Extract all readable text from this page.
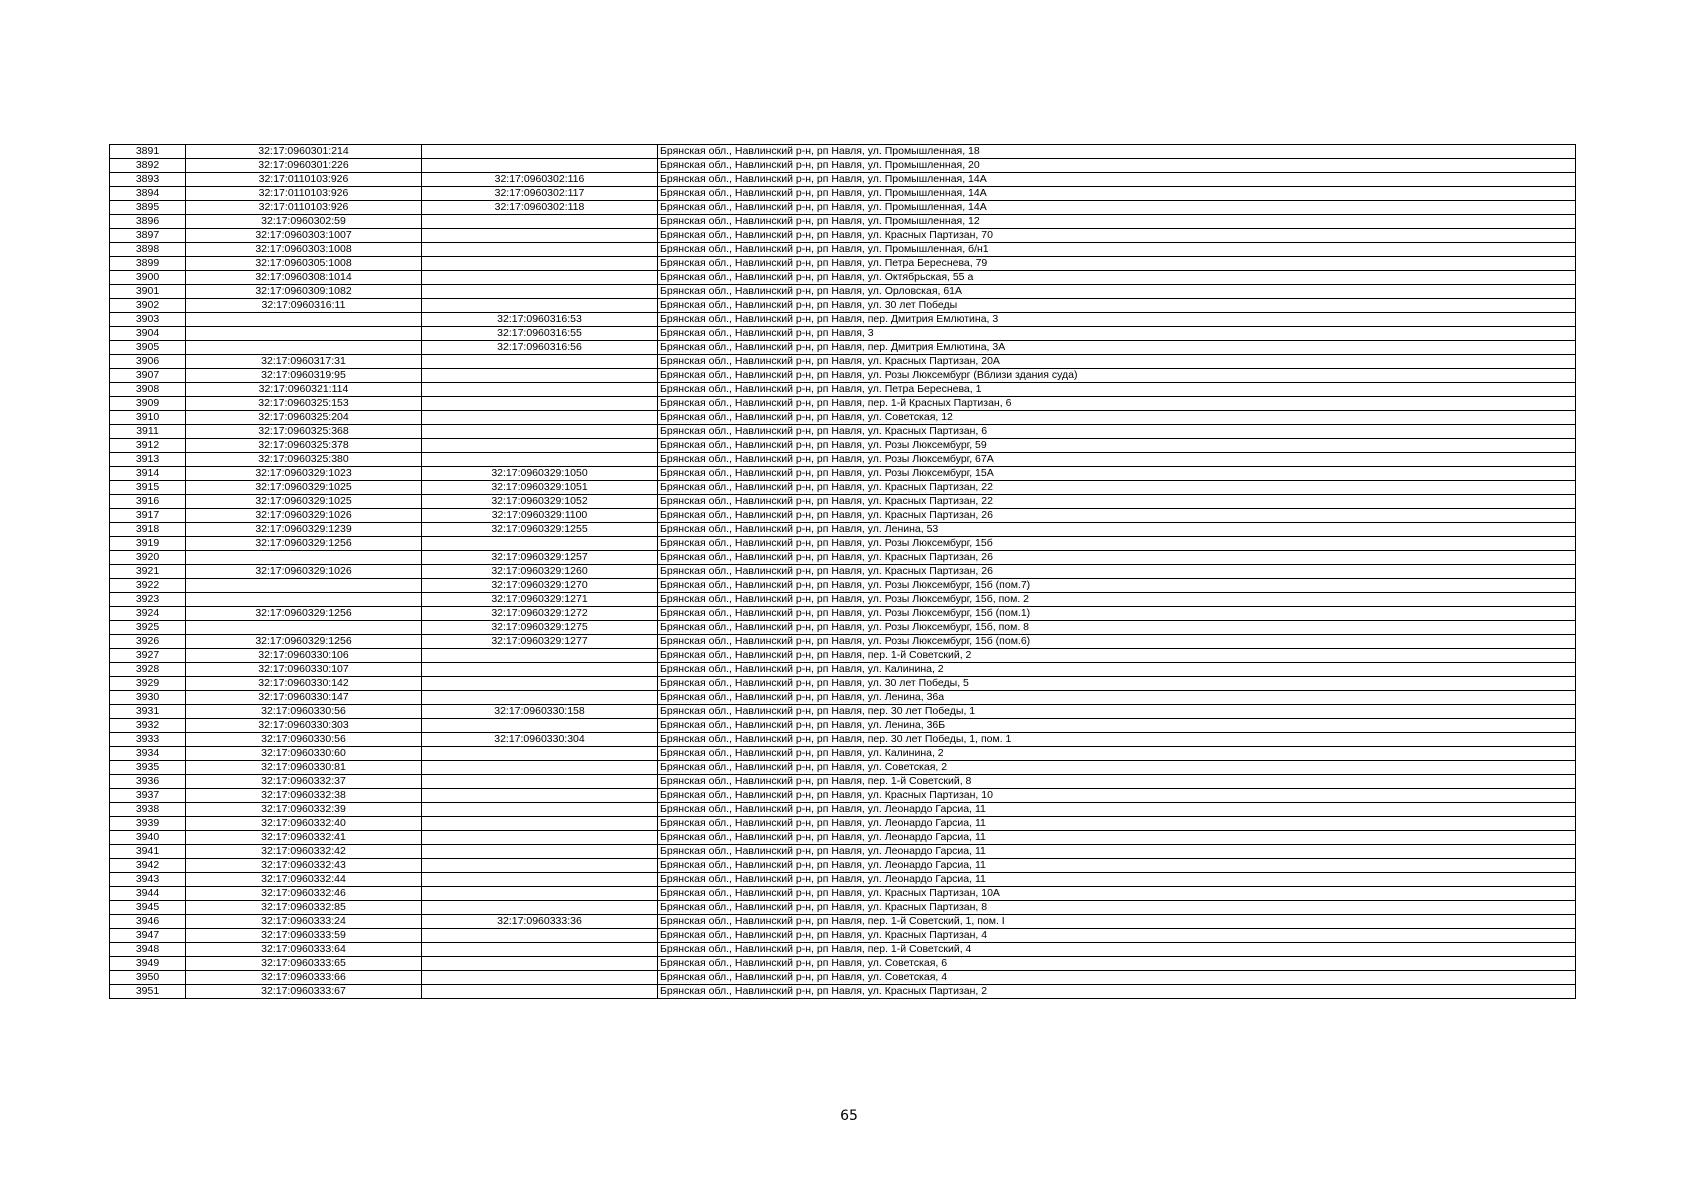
3891	32:17:0960301:214		Брянская обл., Навлинский р-н, рп Навля, ул. Промышленная, 18
3892	32:17:0960301:226		Брянская обл., Навлинский р-н, рп Навля, ул. Промышленная, 20
3893	32:17:0110103:926	32:17:0960302:116	Брянская обл., Навлинский р-н, рп Навля, ул. Промышленная, 14А
3894	32:17:0110103:926	32:17:0960302:117	Брянская обл., Навлинский р-н, рп Навля, ул. Промышленная, 14А
3895	32:17:0110103:926	32:17:0960302:118	Брянская обл., Навлинский р-н, рп Навля, ул. Промышленная, 14А
3896	32:17:0960302:59		Брянская обл., Навлинский р-н, рп Навля, ул. Промышленная, 12
3897	32:17:0960303:1007		Брянская обл., Навлинский р-н, рп Навля, ул. Красных Партизан, 70
3898	32:17:0960303:1008		Брянская обл., Навлинский р-н, рп Навля, ул. Промышленная, б/н1
3899	32:17:0960305:1008		Брянская обл., Навлинский р-н, рп Навля, ул. Петра Береснева, 79
3900	32:17:0960308:1014		Брянская обл., Навлинский р-н, рп Навля, ул. Октябрьская, 55 а
3901	32:17:0960309:1082		Брянская обл., Навлинский р-н, рп Навля, ул. Орловская, 61А
3902	32:17:0960316:11		Брянская обл., Навлинский р-н, рп Навля, ул. 30 лет Победы
3903		32:17:0960316:53	Брянская обл., Навлинский р-н, рп Навля, пер. Дмитрия Емлютина, 3
3904		32:17:0960316:55	Брянская обл., Навлинский р-н, рп Навля, 3
3905		32:17:0960316:56	Брянская обл., Навлинский р-н, рп Навля, пер. Дмитрия Емлютина, 3А
3906	32:17:0960317:31		Брянская обл., Навлинский р-н, рп Навля, ул. Красных Партизан, 20А
3907	32:17:0960319:95		Брянская обл., Навлинский р-н, рп Навля, ул. Розы Люксембург (Вблизи здания суда)
3908	32:17:0960321:114		Брянская обл., Навлинский р-н, рп Навля, ул. Петра Береснева, 1
3909	32:17:0960325:153		Брянская обл., Навлинский р-н, рп Навля, пер. 1-й Красных Партизан, 6
3910	32:17:0960325:204		Брянская обл., Навлинский р-н, рп Навля, ул. Советская, 12
3911	32:17:0960325:368		Брянская обл., Навлинский р-н, рп Навля, ул. Красных Партизан, 6
3912	32:17:0960325:378		Брянская обл., Навлинский р-н, рп Навля, ул. Розы Люксембург, 59
3913	32:17:0960325:380		Брянская обл., Навлинский р-н, рп Навля, ул. Розы Люксембург, 67А
3914	32:17:0960329:1023	32:17:0960329:1050	Брянская обл., Навлинский р-н, рп Навля, ул. Розы Люксембург, 15А
3915	32:17:0960329:1025	32:17:0960329:1051	Брянская обл., Навлинский р-н, рп Навля, ул. Красных Партизан, 22
3916	32:17:0960329:1025	32:17:0960329:1052	Брянская обл., Навлинский р-н, рп Навля, ул. Красных Партизан, 22
3917	32:17:0960329:1026	32:17:0960329:1100	Брянская обл., Навлинский р-н, рп Навля, ул. Красных Партизан, 26
3918	32:17:0960329:1239	32:17:0960329:1255	Брянская обл., Навлинский р-н, рп Навля, ул. Ленина, 53
3919	32:17:0960329:1256		Брянская обл., Навлинский р-н, рп Навля, ул. Розы Люксембург, 15б
3920		32:17:0960329:1257	Брянская обл., Навлинский р-н, рп Навля, ул. Красных Партизан, 26
3921	32:17:0960329:1026	32:17:0960329:1260	Брянская обл., Навлинский р-н, рп Навля, ул. Красных Партизан, 26
3922		32:17:0960329:1270	Брянская обл., Навлинский р-н, рп Навля, ул. Розы Люксембург, 15б (пом.7)
3923		32:17:0960329:1271	Брянская обл., Навлинский р-н, рп Навля, ул. Розы Люксембург, 15б, пом. 2
3924	32:17:0960329:1256	32:17:0960329:1272	Брянская обл., Навлинский р-н, рп Навля, ул. Розы Люксембург, 15б (пом.1)
3925		32:17:0960329:1275	Брянская обл., Навлинский р-н, рп Навля, ул. Розы Люксембург, 15б, пом. 8
3926	32:17:0960329:1256	32:17:0960329:1277	Брянская обл., Навлинский р-н, рп Навля, ул. Розы Люксембург, 15б (пом.6)
3927	32:17:0960330:106		Брянская обл., Навлинский р-н, рп Навля, пер. 1-й Советский, 2
3928	32:17:0960330:107		Брянская обл., Навлинский р-н, рп Навля, ул. Калинина, 2
3929	32:17:0960330:142		Брянская обл., Навлинский р-н, рп Навля, ул. 30 лет Победы, 5
3930	32:17:0960330:147		Брянская обл., Навлинский р-н, рп Навля, ул. Ленина, 36а
3931	32:17:0960330:56	32:17:0960330:158	Брянская обл., Навлинский р-н, рп Навля, пер. 30 лет Победы, 1
3932	32:17:0960330:303		Брянская обл., Навлинский р-н, рп Навля, ул. Ленина, 36Б
3933	32:17:0960330:56	32:17:0960330:304	Брянская обл., Навлинский р-н, рп Навля, пер. 30 лет Победы, 1, пом. 1
3934	32:17:0960330:60		Брянская обл., Навлинский р-н, рп Навля, ул. Калинина, 2
3935	32:17:0960330:81		Брянская обл., Навлинский р-н, рп Навля, ул. Советская, 2
3936	32:17:0960332:37		Брянская обл., Навлинский р-н, рп Навля, пер. 1-й Советский, 8
3937	32:17:0960332:38		Брянская обл., Навлинский р-н, рп Навля, ул. Красных Партизан, 10
3938	32:17:0960332:39		Брянская обл., Навлинский р-н, рп Навля, ул. Леонардо Гарсиа, 11
3939	32:17:0960332:40		Брянская обл., Навлинский р-н, рп Навля, ул. Леонардо Гарсиа, 11
3940	32:17:0960332:41		Брянская обл., Навлинский р-н, рп Навля, ул. Леонардо Гарсиа, 11
3941	32:17:0960332:42		Брянская обл., Навлинский р-н, рп Навля, ул. Леонардо Гарсиа, 11
3942	32:17:0960332:43		Брянская обл., Навлинский р-н, рп Навля, ул. Леонардо Гарсиа, 11
3943	32:17:0960332:44		Брянская обл., Навлинский р-н, рп Навля, ул. Леонардо Гарсиа, 11
3944	32:17:0960332:46		Брянская обл., Навлинский р-н, рп Навля, ул. Красных Партизан, 10А
3945	32:17:0960332:85		Брянская обл., Навлинский р-н, рп Навля, ул. Красных Партизан, 8
3946	32:17:0960333:24	32:17:0960333:36	Брянская обл., Навлинский р-н, рп Навля, пер. 1-й Советский, 1, пом. I
3947	32:17:0960333:59		Брянская обл., Навлинский р-н, рп Навля, ул. Красных Партизан, 4
3948	32:17:0960333:64		Брянская обл., Навлинский р-н, рп Навля, пер. 1-й Советский, 4
3949	32:17:0960333:65		Брянская обл., Навлинский р-н, рп Навля, ул. Советская, 6
3950	32:17:0960333:66		Брянская обл., Навлинский р-н, рп Навля, ул. Советская, 4
3951	32:17:0960333:67		Брянская обл., Навлинский р-н, рп Навля, ул. Красных Партизан, 2
65
